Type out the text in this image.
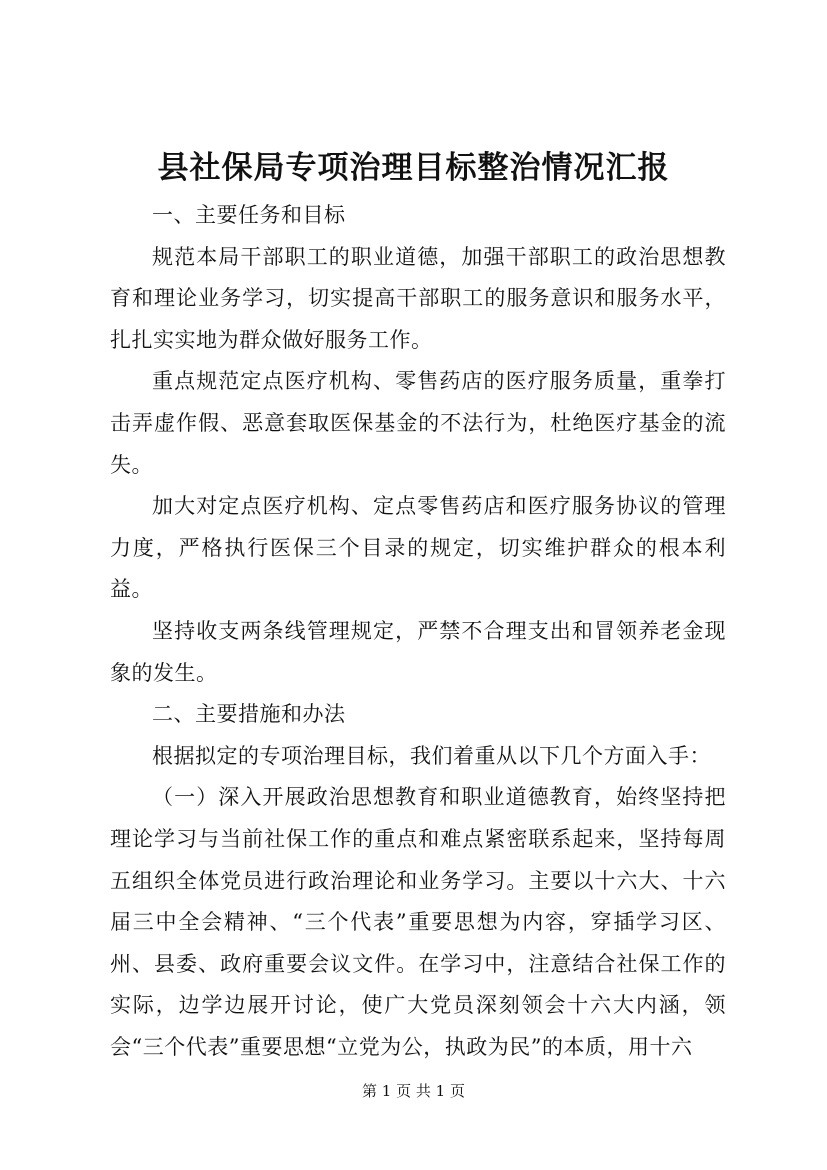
县社保局专项治理目标整治情况汇报

一、主要任务和目标

规范本局干部职工的职业道德，加强干部职工的政治思想教育和理论业务学习，切实提高干部职工的服务意识和服务水平，扎扎实实地为群众做好服务工作。

重点规范定点医疗机构、零售药店的医疗服务质量，重拳打击弄虚作假、恶意套取医保基金的不法行为，杜绝医疗基金的流失。

加大对定点医疗机构、定点零售药店和医疗服务协议的管理力度，严格执行医保三个目录的规定，切实维护群众的根本利益。

坚持收支两条线管理规定，严禁不合理支出和冒领养老金现象的发生。

二、主要措施和办法

根据拟定的专项治理目标，我们着重从以下几个方面入手：

（一）深入开展政治思想教育和职业道德教育，始终坚持把理论学习与当前社保工作的重点和难点紧密联系起来，坚持每周五组织全体党员进行政治理论和业务学习。主要以十六大、十六届三中全会精神、“三个代表”重要思想为内容，穿插学习区、州、县委、政府重要会议文件。在学习中，注意结合社保工作的实际，边学边展开讨论，使广大党员深刻领会十六大内涵，领会“三个代表”重要思想“立党为公，执政为民”的本质，用十六

第 1 页 共 1 页
